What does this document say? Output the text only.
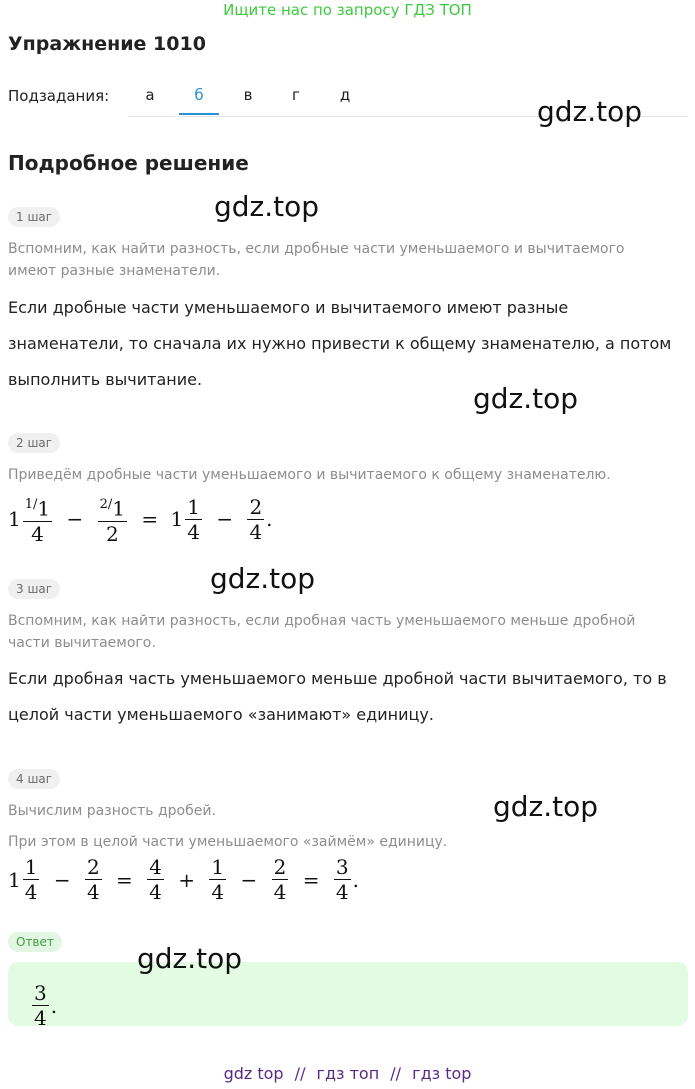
Ищите нас по запросу ГДЗ ТОП
Упражнение 1010
Подзадания:	а	б	в	г	д	gdz.top
Подробное решение
1 шаг	gdz.top
Вспомним, как найти разность, если дробные части уменьшаемого и вычитаемого
имеют разные знаменатели.
Если дробные части уменьшаемого и вычитаемого имеют разные
знаменатели, то сначала их нужно привести к общему знаменателю, а потом
выполнить вычитание.
gdz.top
2 шаг
Приведём дробные части уменьшаемого и вычитаемого к общему знаменателю.
$1 \frac{^{1/}1}{4} - \frac{^{2/}1}{2} = 1 \frac{1}{4} - \frac{2}{4}$ .
3 шаг	gdz.top
Вспомним, как найти разность, если дробная часть уменьшаемого меньше дробной
части вычитаемого.
Если дробная часть уменьшаемого меньше дробной части вычитаемого, то в
целой части уменьшаемого «занимают» единицу.
4 шаг
gdz.top
Вычислим разность дробей.
При этом в целой части уменьшаемого «займём» единицу.
$1 \frac{1}{4} - \frac{2}{4} = \frac{4}{4} + \frac{1}{4} - \frac{2}{4} = \frac{3}{4}$ .
Ответ	gdz.top
$\frac{3}{4}$ .
gdz top // гдз топ // гдз top
